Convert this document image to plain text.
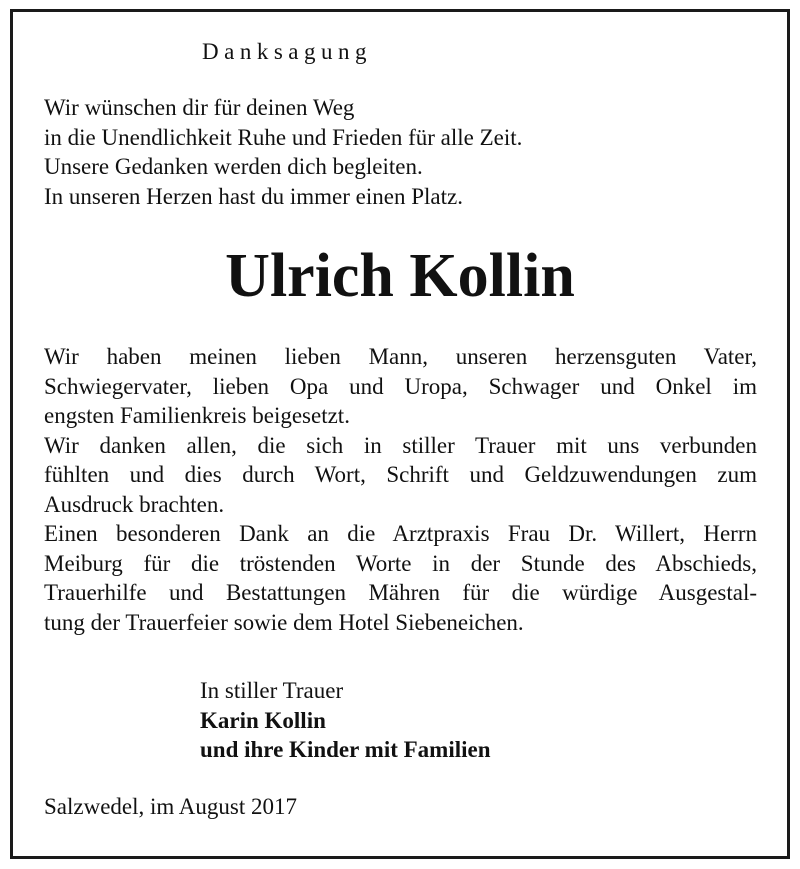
Danksagung
Wir wünschen dir für deinen Weg
in die Unendlichkeit Ruhe und Frieden für alle Zeit.
Unsere Gedanken werden dich begleiten.
In unseren Herzen hast du immer einen Platz.
Ulrich Kollin
Wir haben meinen lieben Mann, unseren herzensguten Vater,
Schwiegervater, lieben Opa und Uropa, Schwager und Onkel im
engsten Familienkreis beigesetzt.
Wir danken allen, die sich in stiller Trauer mit uns verbunden
fühlten und dies durch Wort, Schrift und Geldzuwendungen zum
Ausdruck brachten.
Einen besonderen Dank an die Arztpraxis Frau Dr. Willert, Herrn
Meiburg für die tröstenden Worte in der Stunde des Abschieds,
Trauerhilfe und Bestattungen Mähren für die würdige Ausgestal-
tung der Trauerfeier sowie dem Hotel Siebeneichen.
In stiller Trauer
Karin Kollin
und ihre Kinder mit Familien
Salzwedel, im August 2017
